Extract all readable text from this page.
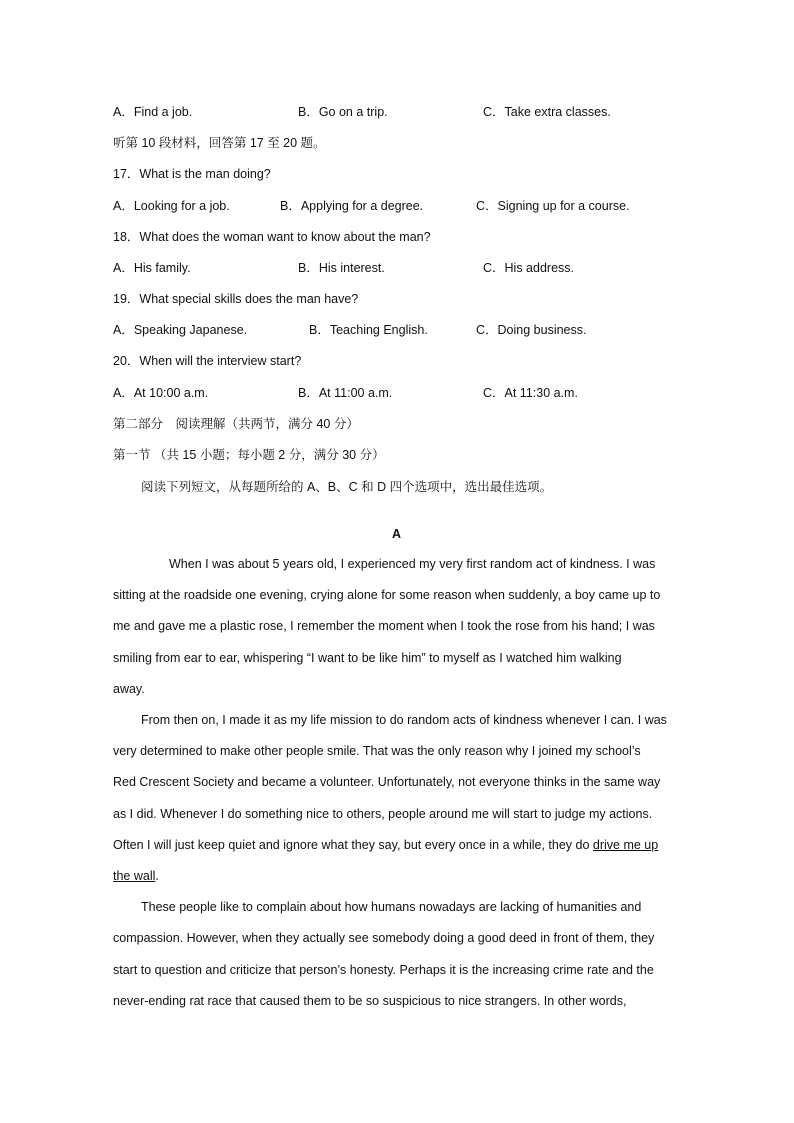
A．Find a job.	B．Go on a trip.	C．Take extra classes.
听第 10 段材料，回答第 17 至 20 题。
17．What is the man doing?
A．Looking for a job.	B．Applying for a degree.	C．Signing up for a course.
18．What does the woman want to know about the man?
A．His family.	B．His interest.	C．His address.
19．What special skills does the man have?
A．Speaking Japanese.	B．Teaching English.	C．Doing business.
20．When will the interview start?
A．At 10:00 a.m.	B．At 11:00 a.m.	C．At 11:30 a.m.
第二部分　阅读理解（共两节，满分 40 分）
第一节 （共 15 小题；每小题 2 分，满分 30 分）
阅读下列短文，从每题所给的 A、B、C 和 D 四个选项中，选出最佳选项。
A
When I was about 5 years old, I experienced my very first random act of kindness. I was
sitting at the roadside one evening, crying alone for some reason when suddenly, a boy came up to
me and gave me a plastic rose, I remember the moment when I took the rose from his hand; I was
smiling from ear to ear, whispering “I want to be like him” to myself as I watched him walking
away.
From then on, I made it as my life mission to do random acts of kindness whenever I can. I was
very determined to make other people smile. That was the only reason why I joined my school’s
Red Crescent Society and became a volunteer. Unfortunately, not everyone thinks in the same way
as I did. Whenever I do something nice to others, people around me will start to judge my actions.
Often I will just keep quiet and ignore what they say, but every once in a while, they do drive me up
the wall.
These people like to complain about how humans nowadays are lacking of humanities and
compassion. However, when they actually see somebody doing a good deed in front of them, they
start to question and criticize that person’s honesty. Perhaps it is the increasing crime rate and the
never-ending rat race that caused them to be so suspicious to nice strangers. In other words,
